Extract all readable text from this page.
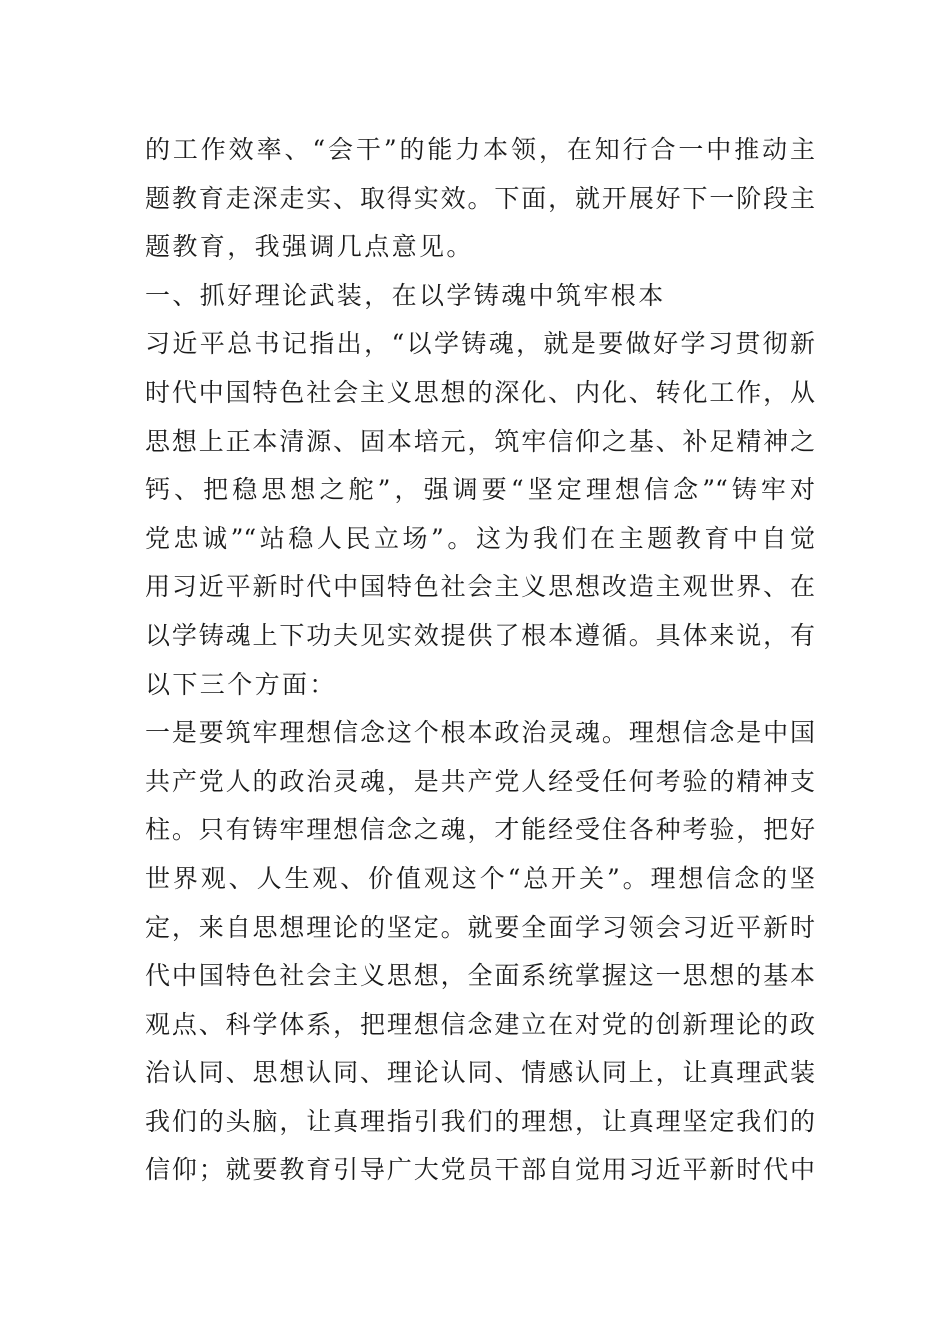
的工作效率、“会干”的能力本领，在知行合一中推动主
题教育走深走实、取得实效。下面，就开展好下一阶段主
题教育，我强调几点意见。
一、抓好理论武装，在以学铸魂中筑牢根本
习近平总书记指出，“以学铸魂，就是要做好学习贯彻新
时代中国特色社会主义思想的深化、内化、转化工作，从
思想上正本清源、固本培元，筑牢信仰之基、补足精神之
钙、把稳思想之舵”，强调要“坚定理想信念”“铸牢对
党忠诚”“站稳人民立场”。这为我们在主题教育中自觉
用习近平新时代中国特色社会主义思想改造主观世界、在
以学铸魂上下功夫见实效提供了根本遵循。具体来说，有
以下三个方面：
一是要筑牢理想信念这个根本政治灵魂。理想信念是中国
共产党人的政治灵魂，是共产党人经受任何考验的精神支
柱。只有铸牢理想信念之魂，才能经受住各种考验，把好
世界观、人生观、价值观这个“总开关”。理想信念的坚
定，来自思想理论的坚定。就要全面学习领会习近平新时
代中国特色社会主义思想，全面系统掌握这一思想的基本
观点、科学体系，把理想信念建立在对党的创新理论的政
治认同、思想认同、理论认同、情感认同上，让真理武装
我们的头脑，让真理指引我们的理想，让真理坚定我们的
信仰；就要教育引导广大党员干部自觉用习近平新时代中
